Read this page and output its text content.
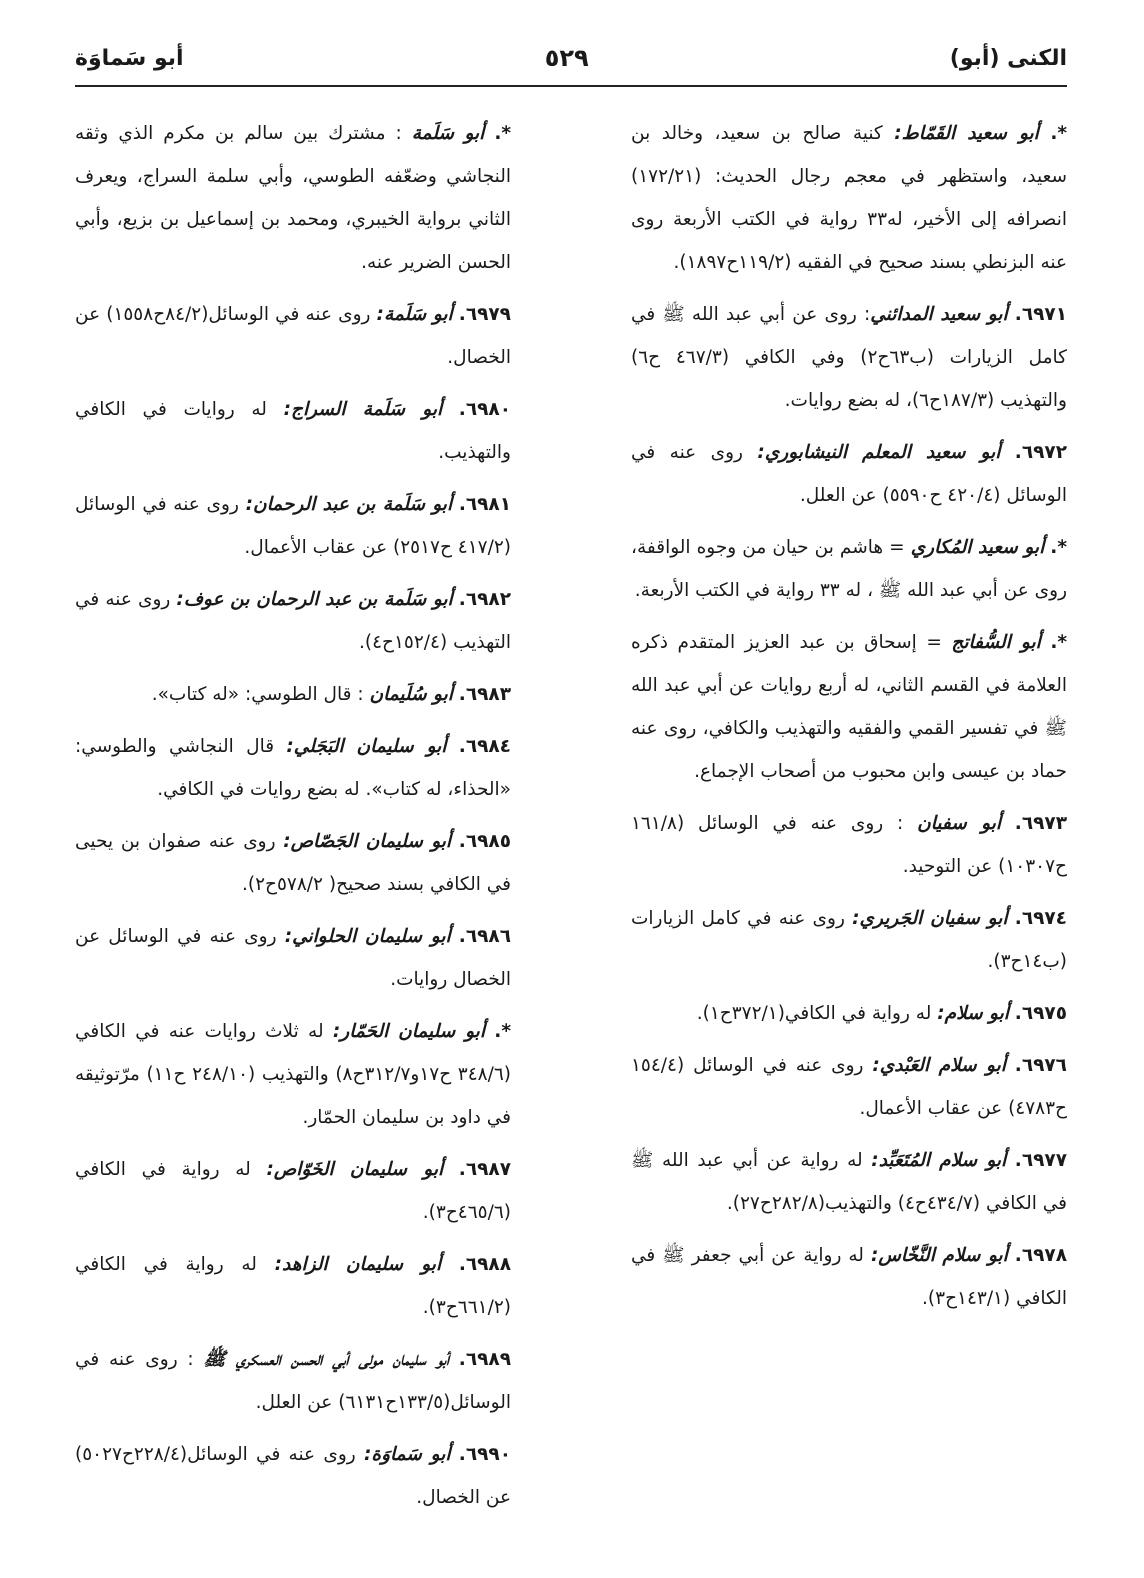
الكنى (أبو)
٥٢٩
أبو سَماوَة

*. أبو سعيد القَمّاط: كنية صالح بن سعيد، وخالد بن سعيد، واستظهر في معجم رجال الحديث: (١٧٢/٢١) انصرافه إلى الأخير، له٣٣ رواية في الكتب الأربعة روى عنه البزنطي بسند صحيح في الفقيه (١١٩/٢ح١٨٩٧).

٦٩٧١. أبو سعيد المدائني: روى عن أبي عبد الله ﷺ في كامل الزيارات (ب٦٣ح٢) وفي الكافي (٤٦٧/٣ ح٦) والتهذيب (١٨٧/٣ح٦)، له بضع روايات.

٦٩٧٢. أبو سعيد المعلم النيشابوري: روى عنه في الوسائل (٤٢٠/٤ ح٥٥٩٠) عن العلل.

*. أبو سعيد المُكاري = هاشم بن حيان من وجوه الواقفة، روى عن أبي عبد الله ﷺ ، له ٣٣ رواية في الكتب الأربعة.

*. أبو السُّفاتج = إسحاق بن عبد العزيز المتقدم ذكره العلامة في القسم الثاني، له أربع روايات عن أبي عبد الله ﷺ في تفسير القمي والفقيه والتهذيب والكافي، روى عنه حماد بن عيسى وابن محبوب من أصحاب الإجماع.

٦٩٧٣. أبو سفيان : روى عنه في الوسائل (١٦١/٨ ح١٠٣٠٧) عن التوحيد.

٦٩٧٤. أبو سفيان الجَريري: روى عنه في كامل الزيارات (ب١٤ح٣).

٦٩٧٥. أبو سلام: له رواية في الكافي(٣٧٢/١ح١).

٦٩٧٦. أبو سلام العَبْدي: روى عنه في الوسائل (١٥٤/٤ ح٤٧٨٣) عن عقاب الأعمال.

٦٩٧٧. أبو سلام المُتَعَبِّد: له رواية عن أبي عبد الله ﷺ في الكافي (٤٣٤/٧ح٤) والتهذيب(٢٨٢/٨ح٢٧).

٦٩٧٨. أبو سلام النَّخّاس: له رواية عن أبي جعفر ﷺ في الكافي (١٤٣/١ح٣).

*. أبو سَلَمة : مشترك بين سالم بن مكرم الذي وثقه النجاشي وضعّفه الطوسي، وأبي سلمة السراج، ويعرف الثاني برواية الخيبري، ومحمد بن إسماعيل بن بزيع، وأبي الحسن الضرير عنه.

٦٩٧٩. أبو سَلَمة: روى عنه في الوسائل(٨٤/٢ح١٥٥٨) عن الخصال.

٦٩٨٠. أبو سَلَمة السراج: له روايات في الكافي والتهذيب.

٦٩٨١. أبو سَلَمة بن عبد الرحمان: روى عنه في الوسائل (٤١٧/٢ ح٢٥١٧) عن عقاب الأعمال.

٦٩٨٢. أبو سَلَمة بن عبد الرحمان بن عوف: روى عنه في التهذيب (١٥٢/٤ح٤).

٦٩٨٣. أبو سُلَيمان : قال الطوسي: «له كتاب».

٦٩٨٤. أبو سليمان البَجَلي: قال النجاشي والطوسي: «الحذاء، له كتاب». له بضع روايات في الكافي.

٦٩٨٥. أبو سليمان الجَصّاص: روى عنه صفوان بن يحيى في الكافي بسند صحيح( ٥٧٨/٢ح٢).

٦٩٨٦. أبو سليمان الحلواني: روى عنه في الوسائل عن الخصال روايات.

*. أبو سليمان الحَمّار: له ثلاث روايات عنه في الكافي (٣٤٨/٦ ح١٧و٣١٢/٧ح٨) والتهذيب (٢٤٨/١٠ ح١١) مرّتوثيقه في داود بن سليمان الحمّار.

٦٩٨٧. أبو سليمان الخَوّاص: له رواية في الكافي (٤٦٥/٦ح٣).

٦٩٨٨. أبو سليمان الزاهد: له رواية في الكافي (٦٦١/٢ح٣).

٦٩٨٩. أبو سليمان مولى أبي الحسن العسكري ﷺ : روى عنه في الوسائل(١٣٣/٥ح٦١٣١) عن العلل.

٦٩٩٠. أبو سَماوَة: روى عنه في الوسائل(٢٢٨/٤ح٥٠٢٧) عن الخصال.
